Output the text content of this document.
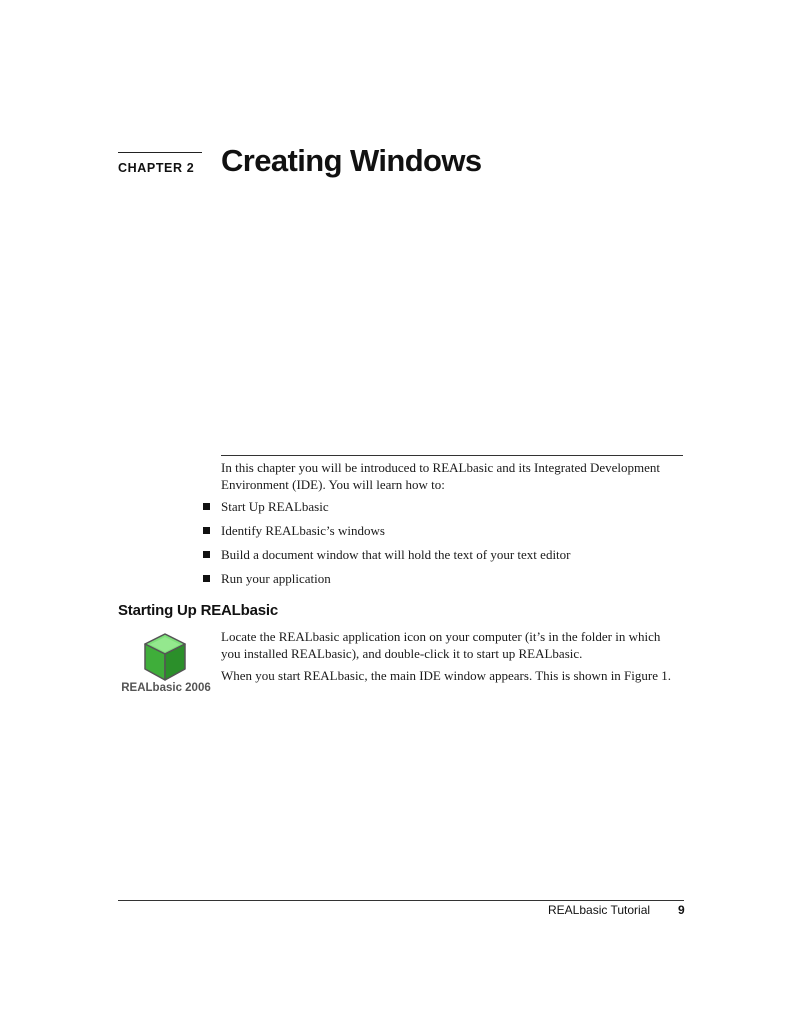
CHAPTER 2 Creating Windows

In this chapter you will be introduced to REALbasic and its Integrated Development Environment (IDE). You will learn how to:

Start Up REALbasic
Identify REALbasic’s windows
Build a document window that will hold the text of your text editor
Run your application
Starting Up REALbasic
REALbasic 2006

Locate the REALbasic application icon on your computer (it’s in the folder in which you installed REALbasic), and double-click it to start up REALbasic.

When you start REALbasic, the main IDE window appears. This is shown in Figure 1.

REALbasic Tutorial 9
